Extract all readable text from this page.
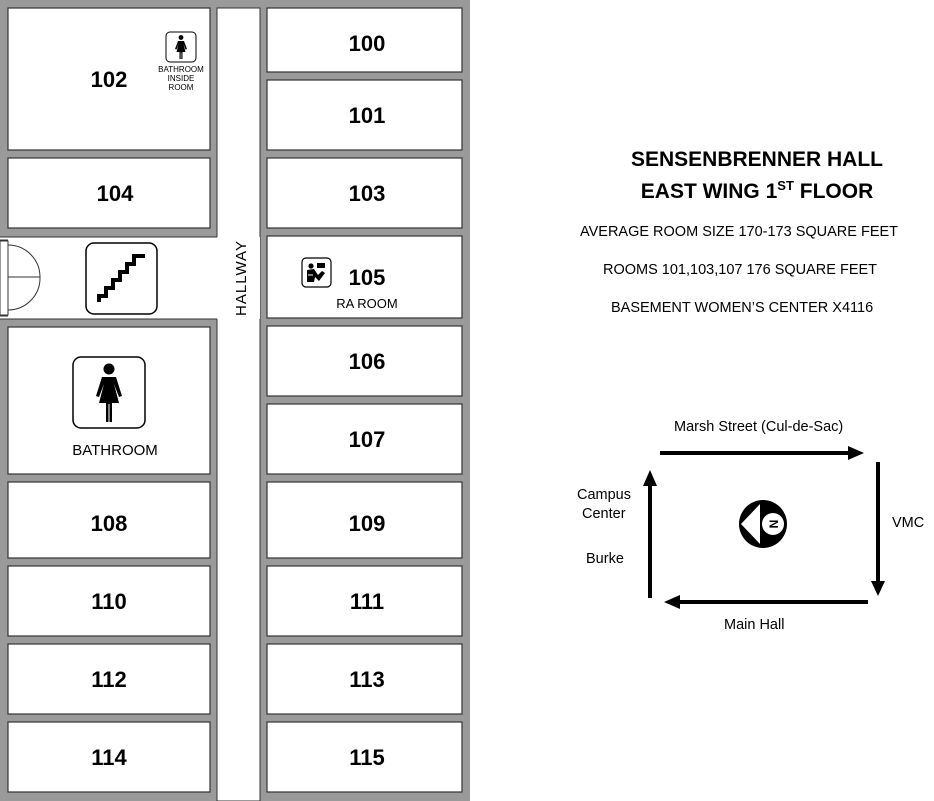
102
104
108
110
112
114
100
101
103
105
106
107
109
111
113
115
RA ROOM
BATHROOM
BATHROOM
INSIDE
ROOM
HALLWAY
N
SENSENBRENNER HALL
EAST WING 1ST FLOOR
AVERAGE ROOM SIZE 170-173 SQUARE FEET
ROOMS 101,103,107 176 SQUARE FEET
BASEMENT WOMEN’S CENTER X4116
Marsh Street (Cul-de-Sac)
VMC
Main Hall
Campus
Center
Burke
